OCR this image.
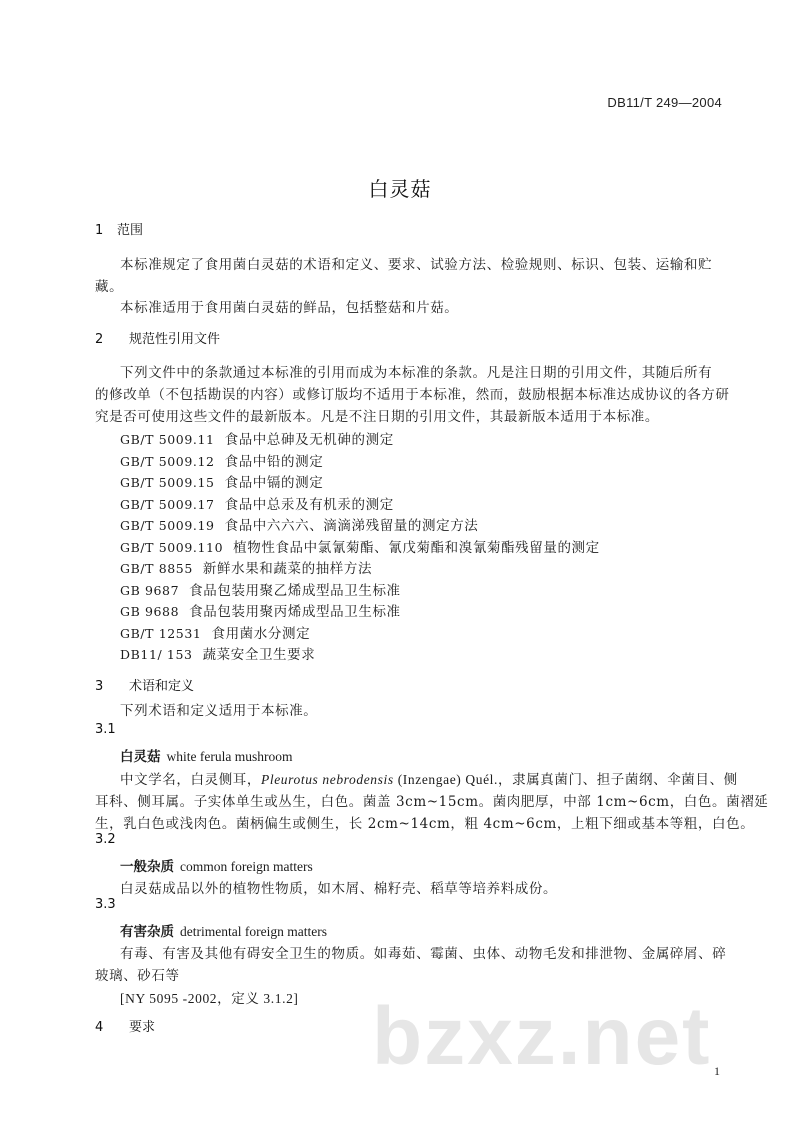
DB11/T 249—2004
白灵菇
1 范围
本标准规定了食用菌白灵菇的术语和定义、要求、试验方法、检验规则、标识、包装、运输和贮
藏。
本标准适用于食用菌白灵菇的鲜品，包括整菇和片菇。
2 规范性引用文件
下列文件中的条款通过本标准的引用而成为本标准的条款。凡是注日期的引用文件，其随后所有
的修改单（不包括勘误的内容）或修订版均不适用于本标准，然而，鼓励根据本标准达成协议的各方研
究是否可使用这些文件的最新版本。凡是不注日期的引用文件，其最新版本适用于本标准。
GB/T 5009.11 食品中总砷及无机砷的测定
GB/T 5009.12 食品中铅的测定
GB/T 5009.15 食品中镉的测定
GB/T 5009.17 食品中总汞及有机汞的测定
GB/T 5009.19 食品中六六六、滴滴涕残留量的测定方法
GB/T 5009.110 植物性食品中氯氰菊酯、氰戊菊酯和溴氰菊酯残留量的测定
GB/T 8855 新鲜水果和蔬菜的抽样方法
GB 9687 食品包装用聚乙烯成型品卫生标准
GB 9688 食品包装用聚丙烯成型品卫生标准
GB/T 12531 食用菌水分测定
DB11/ 153 蔬菜安全卫生要求
3 术语和定义
下列术语和定义适用于本标准。
3.1
白灵菇 white ferula mushroom
中文学名，白灵侧耳，Pleurotus nebrodensis (Inzengae) Quél.，隶属真菌门、担子菌纲、伞菌目、侧
耳科、侧耳属。子实体单生或丛生，白色。菌盖 3cm~15cm。菌肉肥厚，中部 1cm~6cm，白色。菌褶延
生，乳白色或浅肉色。菌柄偏生或侧生，长 2cm~14cm，粗 4cm~6cm，上粗下细或基本等粗，白色。
3.2
一般杂质 common foreign matters
白灵菇成品以外的植物性物质，如木屑、棉籽壳、稻草等培养料成份。
3.3
有害杂质 detrimental foreign matters
有毒、有害及其他有碍安全卫生的物质。如毒茹、霉菌、虫体、动物毛发和排泄物、金属碎屑、碎
玻璃、砂石等
[NY 5095 -2002，定义 3.1.2]
4 要求	bzxz.net 1
